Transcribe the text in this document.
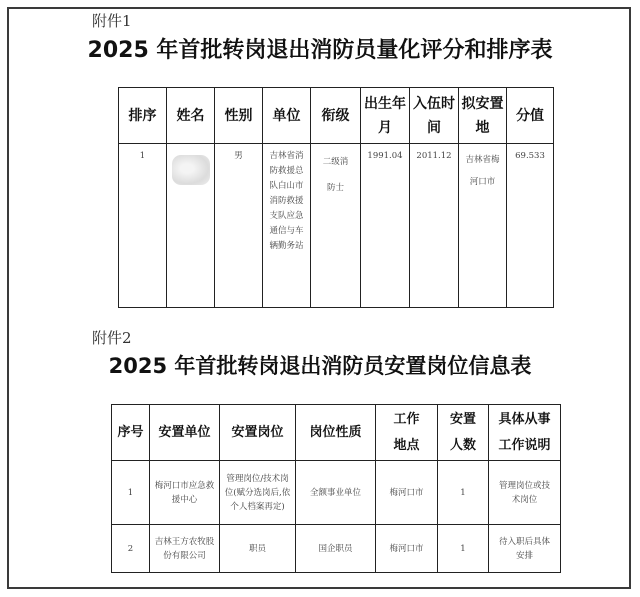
附件1
2025 年首批转岗退出消防员量化评分和排序表
排序	姓名	性别	单位	衔级	出生年月	入伍时间	拟安置地	分值
1		男	吉林省消防救援总队白山市消防救援支队应急通信与车辆勤务站	二级消防士	1991.04	2011.12	吉林省梅河口市	69.533
附件2
2025 年首批转岗退出消防员安置岗位信息表
序号	安置单位	安置岗位	岗位性质	工作地点	安置人数	具体从事工作说明
1	梅河口市应急救援中心	管理岗位/技术岗位(赋分选岗后,依个人档案再定)	全额事业单位	梅河口市	1	管理岗位或技术岗位
2	吉林王方农牧股份有限公司	职员	国企职员	梅河口市	1	待入职后具体安排
